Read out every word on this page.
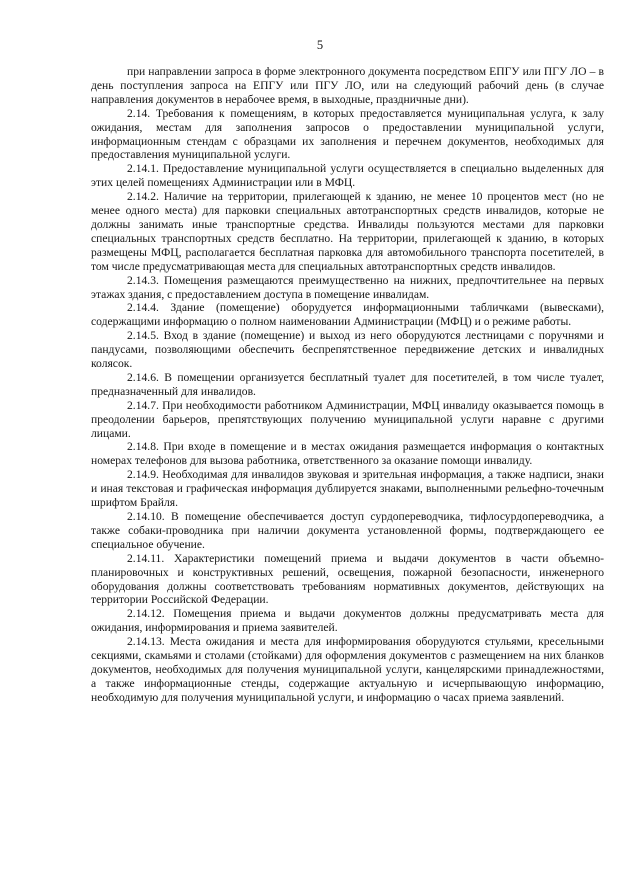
5

при направлении запроса в форме электронного документа посредством ЕПГУ или ПГУ ЛО – в день поступления запроса на ЕПГУ или ПГУ ЛО, или на следующий рабочий день (в случае направления документов в нерабочее время, в выходные, праздничные дни).

2.14. Требования к помещениям, в которых предоставляется муниципальная услуга, к залу ожидания, местам для заполнения запросов о предоставлении муниципальной услуги, информационным стендам с образцами их заполнения и перечнем документов, необходимых для предоставления муниципальной услуги.

2.14.1. Предоставление муниципальной услуги осуществляется в специально выделенных для этих целей помещениях Администрации или в МФЦ.

2.14.2. Наличие на территории, прилегающей к зданию, не менее 10 процентов мест (но не менее одного места) для парковки специальных автотранспортных средств инвалидов, которые не должны занимать иные транспортные средства. Инвалиды пользуются местами для парковки специальных транспортных средств бесплатно. На территории, прилегающей к зданию, в которых размещены МФЦ, располагается бесплатная парковка для автомобильного транспорта посетителей, в том числе предусматривающая места для специальных автотранспортных средств инвалидов.

2.14.3. Помещения размещаются преимущественно на нижних, предпочтительнее на первых этажах здания, с предоставлением доступа в помещение инвалидам.

2.14.4. Здание (помещение) оборудуется информационными табличками (вывесками), содержащими информацию о полном наименовании Администрации (МФЦ) и о режиме работы.

2.14.5. Вход в здание (помещение) и выход из него оборудуются лестницами с поручнями и пандусами, позволяющими обеспечить беспрепятственное передвижение детских и инвалидных колясок.

2.14.6. В помещении организуется бесплатный туалет для посетителей, в том числе туалет, предназначенный для инвалидов.

2.14.7. При необходимости работником Администрации, МФЦ инвалиду оказывается помощь в преодолении барьеров, препятствующих получению муниципальной услуги наравне с другими лицами.

2.14.8. При входе в помещение и в местах ожидания размещается информация о контактных номерах телефонов для вызова работника, ответственного за оказание помощи инвалиду.

2.14.9. Необходимая для инвалидов звуковая и зрительная информация, а также надписи, знаки и иная текстовая и графическая информация дублируется знаками, выполненными рельефно-точечным шрифтом Брайля.

2.14.10. В помещение обеспечивается доступ сурдопереводчика, тифлосурдопереводчика, а также собаки-проводника при наличии документа установленной формы, подтверждающего ее специальное обучение.

2.14.11. Характеристики помещений приема и выдачи документов в части объемно-планировочных и конструктивных решений, освещения, пожарной безопасности, инженерного оборудования должны соответствовать требованиям нормативных документов, действующих на территории Российской Федерации.

2.14.12. Помещения приема и выдачи документов должны предусматривать места для ожидания, информирования и приема заявителей.

2.14.13. Места ожидания и места для информирования оборудуются стульями, кресельными секциями, скамьями и столами (стойками) для оформления документов с размещением на них бланков документов, необходимых для получения муниципальной услуги, канцелярскими принадлежностями, а также информационные стенды, содержащие актуальную и исчерпывающую информацию, необходимую для получения муниципальной услуги, и информацию о часах приема заявлений.
